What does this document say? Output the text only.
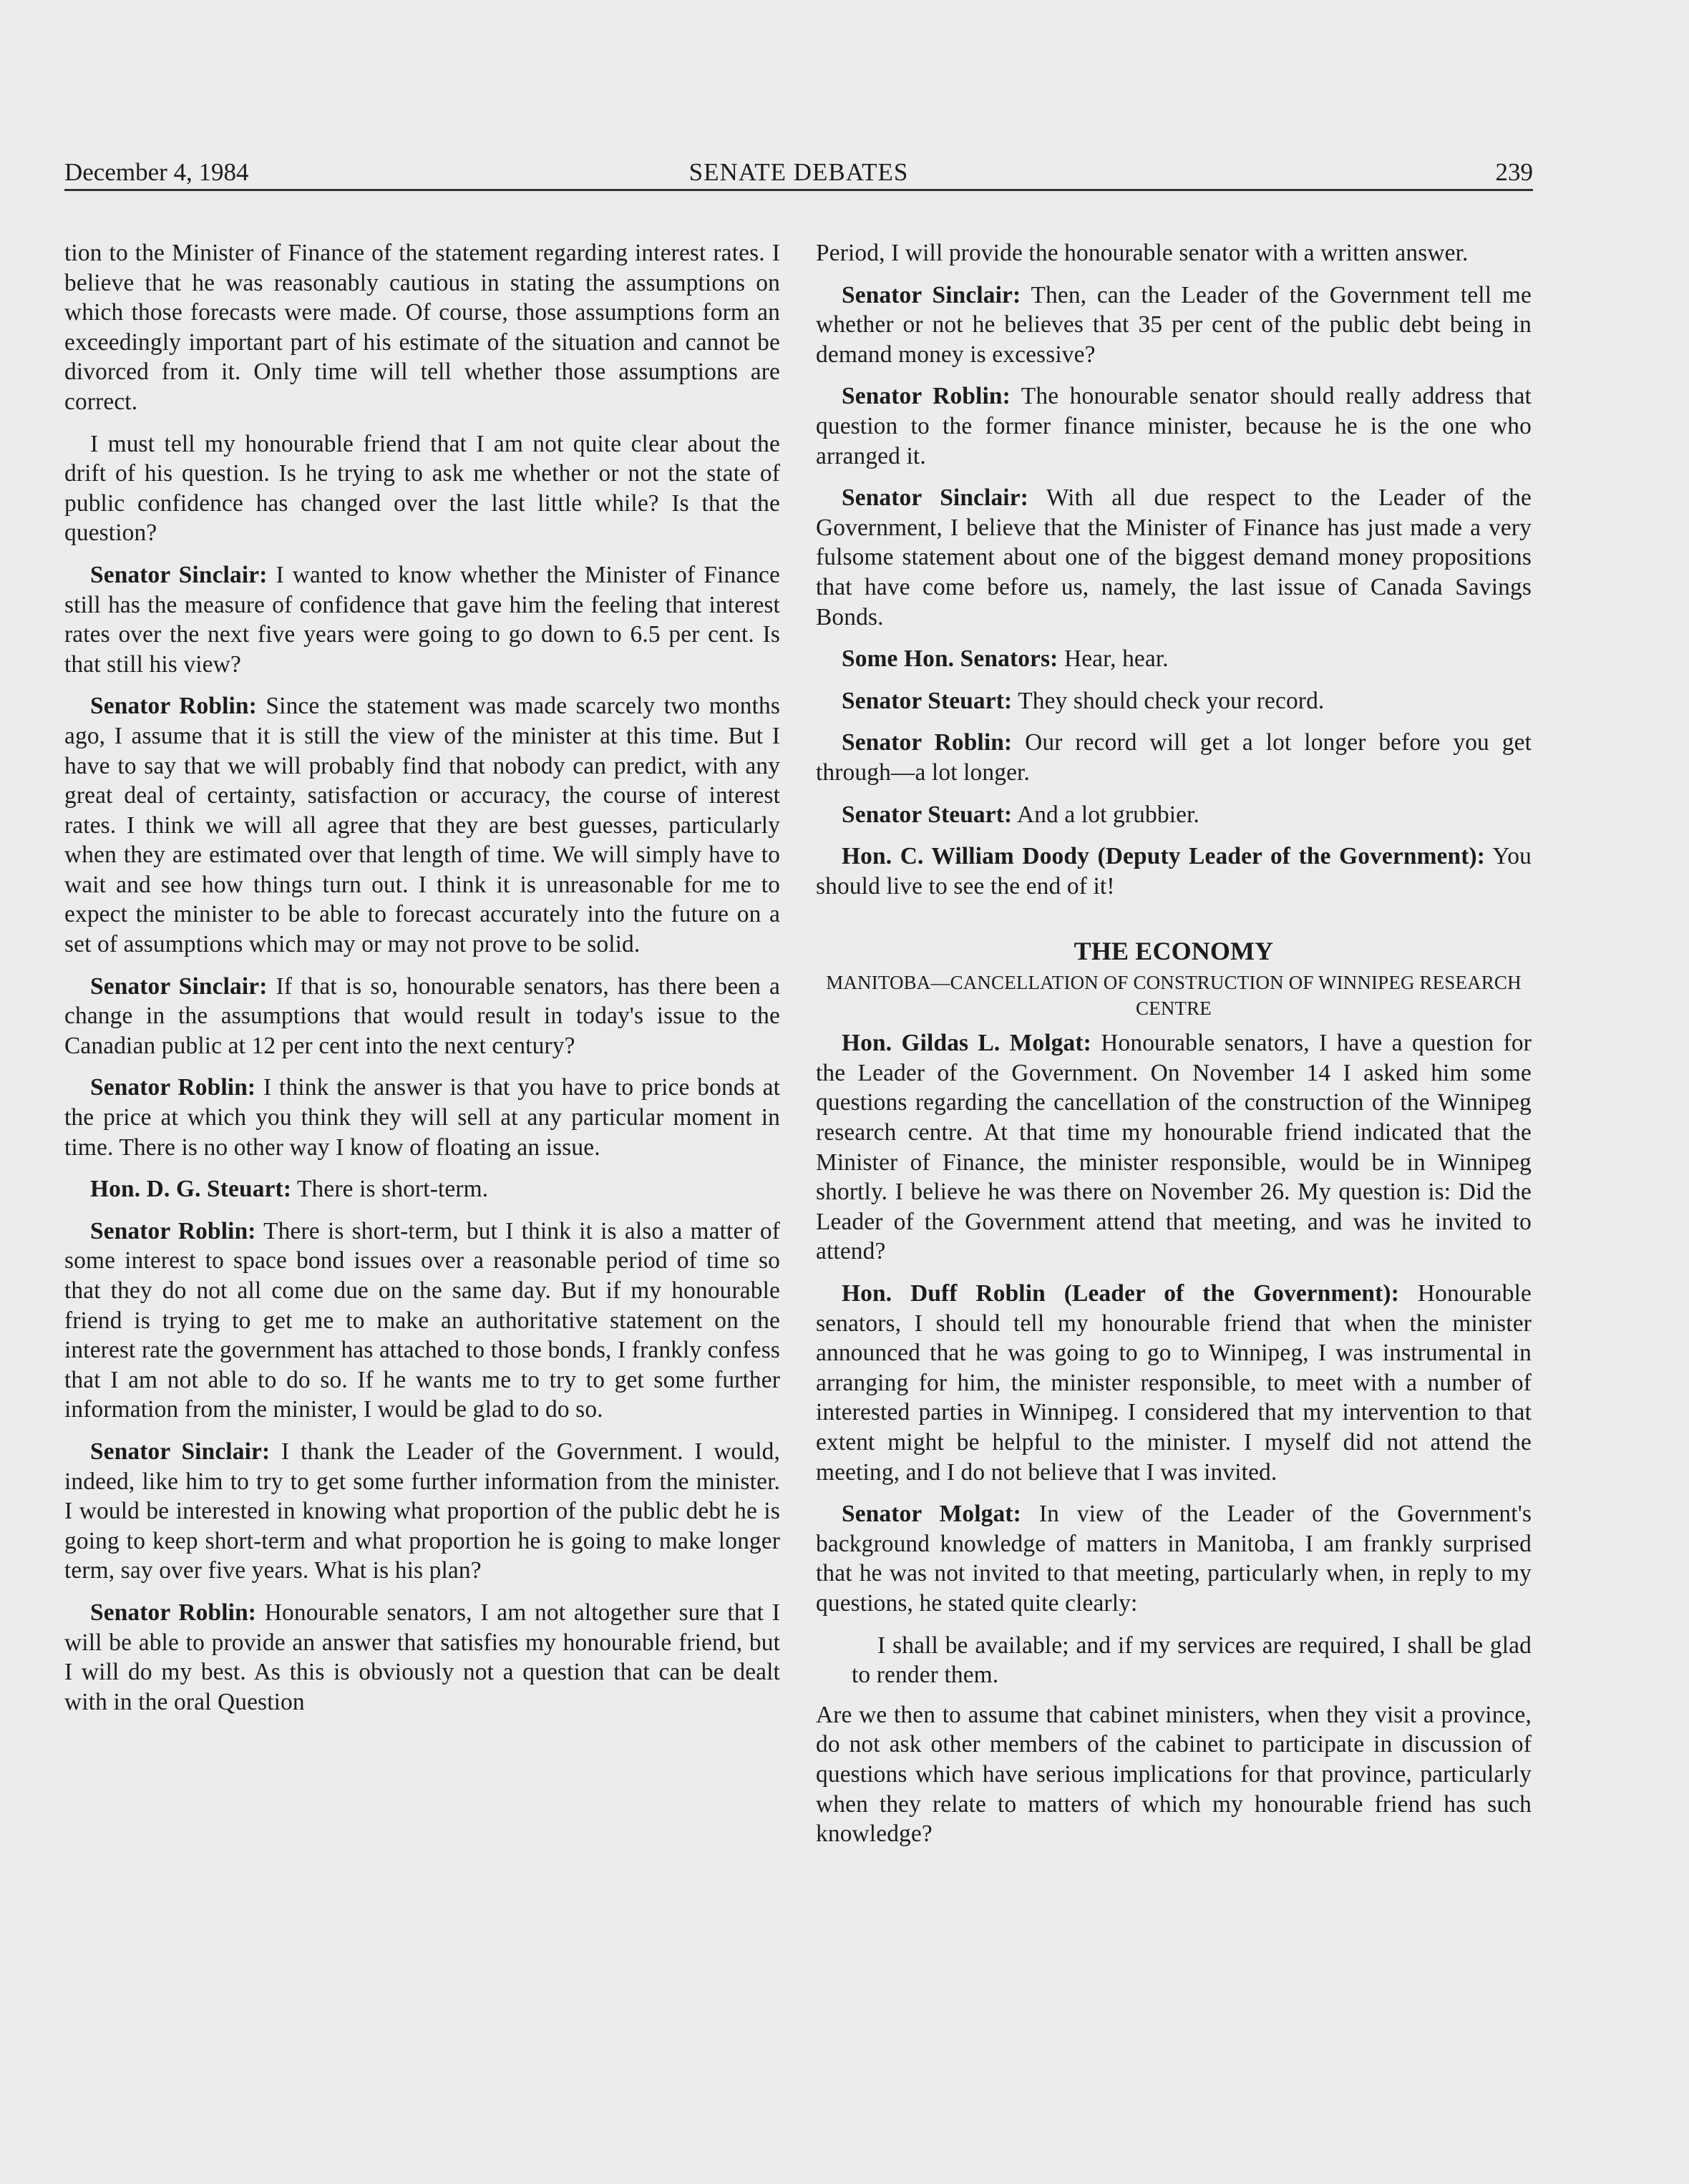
December 4, 1984	SENATE DEBATES	239

tion to the Minister of Finance of the statement regarding interest rates. I believe that he was reasonably cautious in stating the assumptions on which those forecasts were made. Of course, those assumptions form an exceedingly important part of his estimate of the situation and cannot be divorced from it. Only time will tell whether those assumptions are correct.

I must tell my honourable friend that I am not quite clear about the drift of his question. Is he trying to ask me whether or not the state of public confidence has changed over the last little while? Is that the question?

Senator Sinclair: I wanted to know whether the Minister of Finance still has the measure of confidence that gave him the feeling that interest rates over the next five years were going to go down to 6.5 per cent. Is that still his view?

Senator Roblin: Since the statement was made scarcely two months ago, I assume that it is still the view of the minister at this time. But I have to say that we will probably find that nobody can predict, with any great deal of certainty, satisfaction or accuracy, the course of interest rates. I think we will all agree that they are best guesses, particularly when they are estimated over that length of time. We will simply have to wait and see how things turn out. I think it is unreasonable for me to expect the minister to be able to forecast accurately into the future on a set of assumptions which may or may not prove to be solid.

Senator Sinclair: If that is so, honourable senators, has there been a change in the assumptions that would result in today's issue to the Canadian public at 12 per cent into the next century?

Senator Roblin: I think the answer is that you have to price bonds at the price at which you think they will sell at any particular moment in time. There is no other way I know of floating an issue.

Hon. D. G. Steuart: There is short-term.

Senator Roblin: There is short-term, but I think it is also a matter of some interest to space bond issues over a reasonable period of time so that they do not all come due on the same day. But if my honourable friend is trying to get me to make an authoritative statement on the interest rate the government has attached to those bonds, I frankly confess that I am not able to do so. If he wants me to try to get some further information from the minister, I would be glad to do so.

Senator Sinclair: I thank the Leader of the Government. I would, indeed, like him to try to get some further information from the minister. I would be interested in knowing what proportion of the public debt he is going to keep short-term and what proportion he is going to make longer term, say over five years. What is his plan?

Senator Roblin: Honourable senators, I am not altogether sure that I will be able to provide an answer that satisfies my honourable friend, but I will do my best. As this is obviously not a question that can be dealt with in the oral Question

Period, I will provide the honourable senator with a written answer.

Senator Sinclair: Then, can the Leader of the Government tell me whether or not he believes that 35 per cent of the public debt being in demand money is excessive?

Senator Roblin: The honourable senator should really address that question to the former finance minister, because he is the one who arranged it.

Senator Sinclair: With all due respect to the Leader of the Government, I believe that the Minister of Finance has just made a very fulsome statement about one of the biggest demand money propositions that have come before us, namely, the last issue of Canada Savings Bonds.

Some Hon. Senators: Hear, hear.

Senator Steuart: They should check your record.

Senator Roblin: Our record will get a lot longer before you get through—a lot longer.

Senator Steuart: And a lot grubbier.

Hon. C. William Doody (Deputy Leader of the Government): You should live to see the end of it!

THE ECONOMY
MANITOBA—CANCELLATION OF CONSTRUCTION OF WINNIPEG RESEARCH CENTRE

Hon. Gildas L. Molgat: Honourable senators, I have a question for the Leader of the Government. On November 14 I asked him some questions regarding the cancellation of the construction of the Winnipeg research centre. At that time my honourable friend indicated that the Minister of Finance, the minister responsible, would be in Winnipeg shortly. I believe he was there on November 26. My question is: Did the Leader of the Government attend that meeting, and was he invited to attend?

Hon. Duff Roblin (Leader of the Government): Honourable senators, I should tell my honourable friend that when the minister announced that he was going to go to Winnipeg, I was instrumental in arranging for him, the minister responsible, to meet with a number of interested parties in Winnipeg. I considered that my intervention to that extent might be helpful to the minister. I myself did not attend the meeting, and I do not believe that I was invited.

Senator Molgat: In view of the Leader of the Government's background knowledge of matters in Manitoba, I am frankly surprised that he was not invited to that meeting, particularly when, in reply to my questions, he stated quite clearly:

I shall be available; and if my services are required, I shall be glad to render them.

Are we then to assume that cabinet ministers, when they visit a province, do not ask other members of the cabinet to participate in discussion of questions which have serious implications for that province, particularly when they relate to matters of which my honourable friend has such knowledge?
